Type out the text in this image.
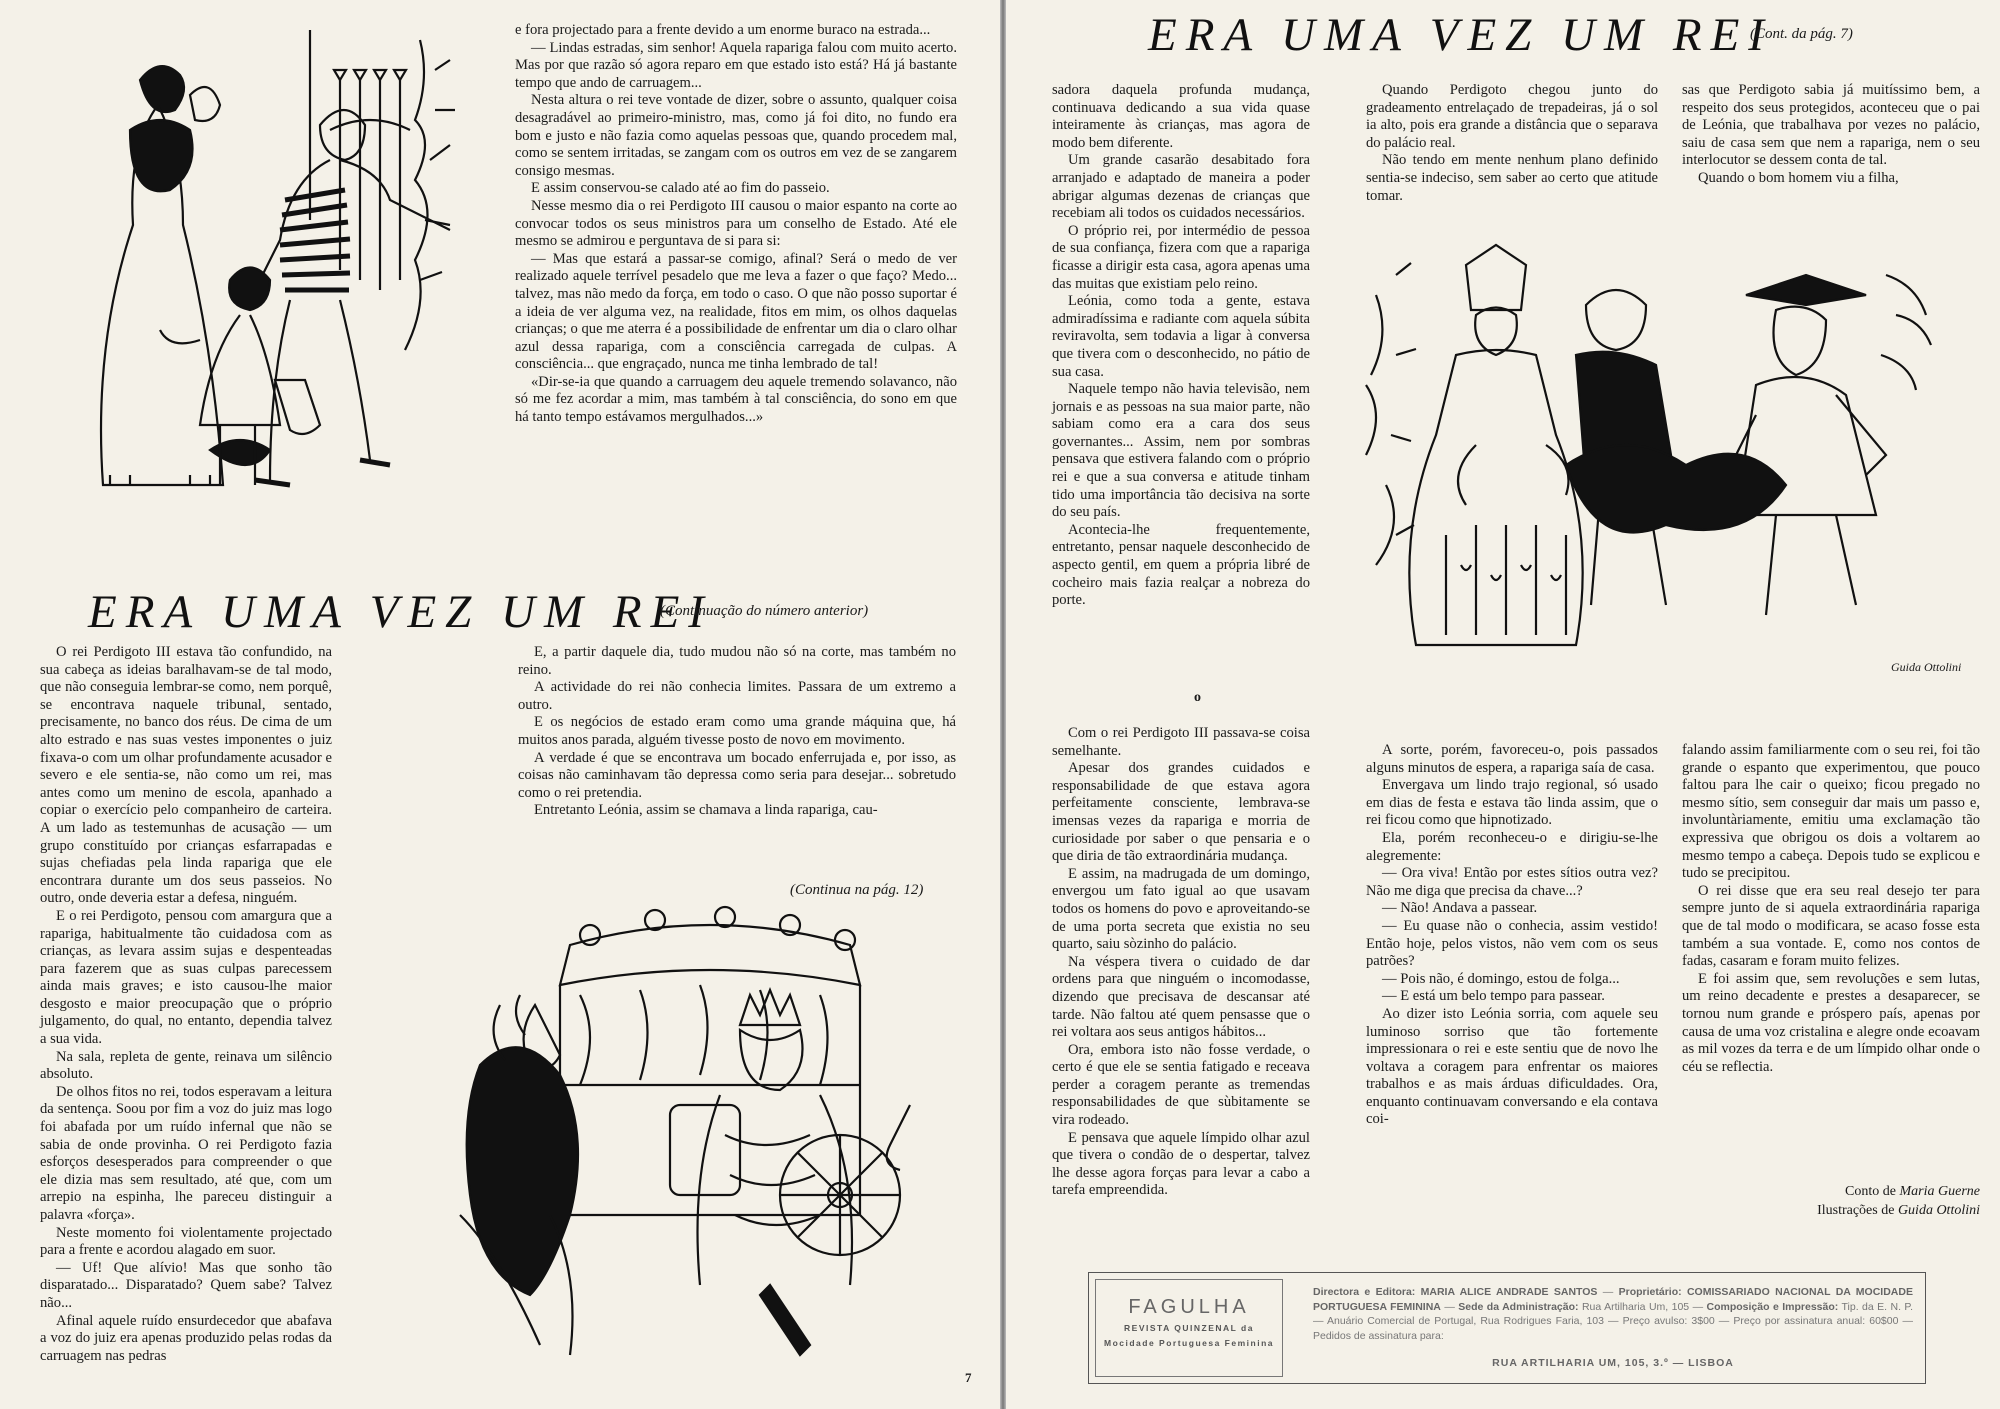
e fora projectado para a frente devido a um enorme buraco na estrada...

— Lindas estradas, sim senhor! Aquela rapariga falou com muito acerto. Mas por que razão só agora reparo em que estado isto está? Há já bastante tempo que ando de carruagem...

Nesta altura o rei teve vontade de dizer, sobre o assunto, qualquer coisa desagradável ao primeiro-ministro, mas, como já foi dito, no fundo era bom e justo e não fazia como aquelas pessoas que, quando procedem mal, como se sentem irritadas, se zangam com os outros em vez de se zangarem consigo mesmas.

E assim conservou-se calado até ao fim do passeio.

Nesse mesmo dia o rei Perdigoto III causou o maior espanto na corte ao convocar todos os seus ministros para um conselho de Estado. Até ele mesmo se admirou e perguntava de si para si:

— Mas que estará a passar-se comigo, afinal? Será o medo de ver realizado aquele terrível pesadelo que me leva a fazer o que faço? Medo... talvez, mas não medo da força, em todo o caso. O que não posso suportar é a ideia de ver alguma vez, na realidade, fitos em mim, os olhos daquelas crianças; o que me aterra é a possibilidade de enfrentar um dia o claro olhar azul dessa rapariga, com a consciência carregada de culpas. A consciência... que engraçado, nunca me tinha lembrado de tal!

«Dir-se-ia que quando a carruagem deu aquele tremendo solavanco, não só me fez acordar a mim, mas também à tal consciência, do sono em que há tanto tempo estávamos mergulhados...»

ERA UMA VEZ UM REI
(Continuação do número anterior)

O rei Perdigoto III estava tão confundido, na sua cabeça as ideias baralhavam-se de tal modo, que não conseguia lembrar-se como, nem porquê, se encontrava naquele tribunal, sentado, precisamente, no banco dos réus. De cima de um alto estrado e nas suas vestes imponentes o juiz fixava-o com um olhar profundamente acusador e severo e ele sentia-se, não como um rei, mas antes como um menino de escola, apanhado a copiar o exercício pelo companheiro de carteira. A um lado as testemunhas de acusação — um grupo constituído por crianças esfarrapadas e sujas chefiadas pela linda rapariga que ele encontrara durante um dos seus passeios. No outro, onde deveria estar a defesa, ninguém.

E o rei Perdigoto, pensou com amargura que a rapariga, habitualmente tão cuidadosa com as crianças, as levara assim sujas e despenteadas para fazerem que as suas culpas parecessem ainda mais graves; e isto causou-lhe maior desgosto e maior preocupação que o próprio julgamento, do qual, no entanto, dependia talvez a sua vida.

Na sala, repleta de gente, reinava um silêncio absoluto.

De olhos fitos no rei, todos esperavam a leitura da sentença. Soou por fim a voz do juiz mas logo foi abafada por um ruído infernal que não se sabia de onde provinha. O rei Perdigoto fazia esforços desesperados para compreender o que ele dizia mas sem resultado, até que, com um arrepio na espinha, lhe pareceu distinguir a palavra «força».

Neste momento foi violentamente projectado para a frente e acordou alagado em suor.

— Uf! Que alívio! Mas que sonho tão disparatado... Disparatado? Quem sabe? Talvez não...

Afinal aquele ruído ensurdecedor que abafava a voz do juiz era apenas produzido pelas rodas da carruagem nas pedras

E, a partir daquele dia, tudo mudou não só na corte, mas também no reino.

A actividade do rei não conhecia limites. Passara de um extremo a outro.

E os negócios de estado eram como uma grande máquina que, há muitos anos parada, alguém tivesse posto de novo em movimento.

A verdade é que se encontrava um bocado enferrujada e, por isso, as coisas não caminhavam tão depressa como seria para desejar... sobretudo como o rei pretendia.

Entretanto Leónia, assim se chamava a linda rapariga, cau-

(Continua na pág. 12)
7
ERA UMA VEZ UM REI
(Cont. da pág. 7)

sadora daquela profunda mudança, continuava dedicando a sua vida quase inteiramente às crianças, mas agora de modo bem diferente.

Um grande casarão desabitado fora arranjado e adaptado de maneira a poder abrigar algumas dezenas de crianças que recebiam ali todos os cuidados necessários.

O próprio rei, por intermédio de pessoa de sua confiança, fizera com que a rapariga ficasse a dirigir esta casa, agora apenas uma das muitas que existiam pelo reino.

Leónia, como toda a gente, estava admiradíssima e radiante com aquela súbita reviravolta, sem todavia a ligar à conversa que tivera com o desconhecido, no pátio de sua casa.

Naquele tempo não havia televisão, nem jornais e as pessoas na sua maior parte, não sabiam como era a cara dos seus governantes... Assim, nem por sombras pensava que estivera falando com o próprio rei e que a sua conversa e atitude tinham tido uma importância tão decisiva na sorte do seu país.

Acontecia-lhe frequentemente, entretanto, pensar naquele desconhecido de aspecto gentil, em quem a própria libré de cocheiro mais fazia realçar a nobreza do porte.

Quando Perdigoto chegou junto do gradeamento entrelaçado de trepadeiras, já o sol ia alto, pois era grande a distância que o separava do palácio real.

Não tendo em mente nenhum plano definido sentia-se indeciso, sem saber ao certo que atitude tomar.

sas que Perdigoto sabia já muitíssimo bem, a respeito dos seus protegidos, aconteceu que o pai de Leónia, que trabalhava por vezes no palácio, saiu de casa sem que nem a rapariga, nem o seu interlocutor se dessem conta de tal.

Quando o bom homem viu a filha,

Guida Ottolini
o

Com o rei Perdigoto III passava-se coisa semelhante.

Apesar dos grandes cuidados e responsabilidade de que estava agora perfeitamente consciente, lembrava-se imensas vezes da rapariga e morria de curiosidade por saber o que pensaria e o que diria de tão extraordinária mudança.

E assim, na madrugada de um domingo, envergou um fato igual ao que usavam todos os homens do povo e aproveitando-se de uma porta secreta que existia no seu quarto, saiu sòzinho do palácio.

Na véspera tivera o cuidado de dar ordens para que ninguém o incomodasse, dizendo que precisava de descansar até tarde. Não faltou até quem pensasse que o rei voltara aos seus antigos hábitos...

Ora, embora isto não fosse verdade, o certo é que ele se sentia fatigado e receava perder a coragem perante as tremendas responsabilidades de que sùbitamente se vira rodeado.

E pensava que aquele límpido olhar azul que tivera o condão de o despertar, talvez lhe desse agora forças para levar a cabo a tarefa empreendida.

A sorte, porém, favoreceu-o, pois passados alguns minutos de espera, a rapariga saía de casa.

Envergava um lindo trajo regional, só usado em dias de festa e estava tão linda assim, que o rei ficou como que hipnotizado.

Ela, porém reconheceu-o e dirigiu-se-lhe alegremente:

— Ora viva! Então por estes sítios outra vez? Não me diga que precisa da chave...?

— Não! Andava a passear.

— Eu quase não o conhecia, assim vestido! Então hoje, pelos vistos, não vem com os seus patrões?

— Pois não, é domingo, estou de folga...

— E está um belo tempo para passear.

Ao dizer isto Leónia sorria, com aquele seu luminoso sorriso que tão fortemente impressionara o rei e este sentiu que de novo lhe voltava a coragem para enfrentar os maiores trabalhos e as mais árduas dificuldades. Ora, enquanto continuavam conversando e ela contava coi-

falando assim familiarmente com o seu rei, foi tão grande o espanto que experimentou, que pouco faltou para lhe cair o queixo; ficou pregado no mesmo sítio, sem conseguir dar mais um passo e, involuntàriamente, emitiu uma exclamação tão expressiva que obrigou os dois a voltarem ao mesmo tempo a cabeça. Depois tudo se explicou e tudo se precipitou.

O rei disse que era seu real desejo ter para sempre junto de si aquela extraordinária rapariga que de tal modo o modificara, se acaso fosse esta também a sua vontade. E, como nos contos de fadas, casaram e foram muito felizes.

E foi assim que, sem revoluções e sem lutas, um reino decadente e prestes a desaparecer, se tornou num grande e próspero país, apenas por causa de uma voz cristalina e alegre onde ecoavam as mil vozes da terra e de um límpido olhar onde o céu se reflectia.

Conto de Maria Guerne
Ilustrações de Guida Ottolini
FAGULHA
REVISTA QUINZENAL da
Mocidade Portuguesa Feminina
Directora e Editora: MARIA ALICE ANDRADE SANTOS — Proprietário: COMISSARIADO NACIONAL DA MOCIDADE PORTUGUESA FEMININA — Sede da Administração: Rua Artilharia Um, 105 — Composição e Impressão: Tip. da E. N. P. — Anuário Comercial de Portugal, Rua Rodrigues Faria, 103 — Preço avulso: 3$00 — Preço por assinatura anual: 60$00 — Pedidos de assinatura para:
RUA ARTILHARIA UM, 105, 3.º — LISBOA
